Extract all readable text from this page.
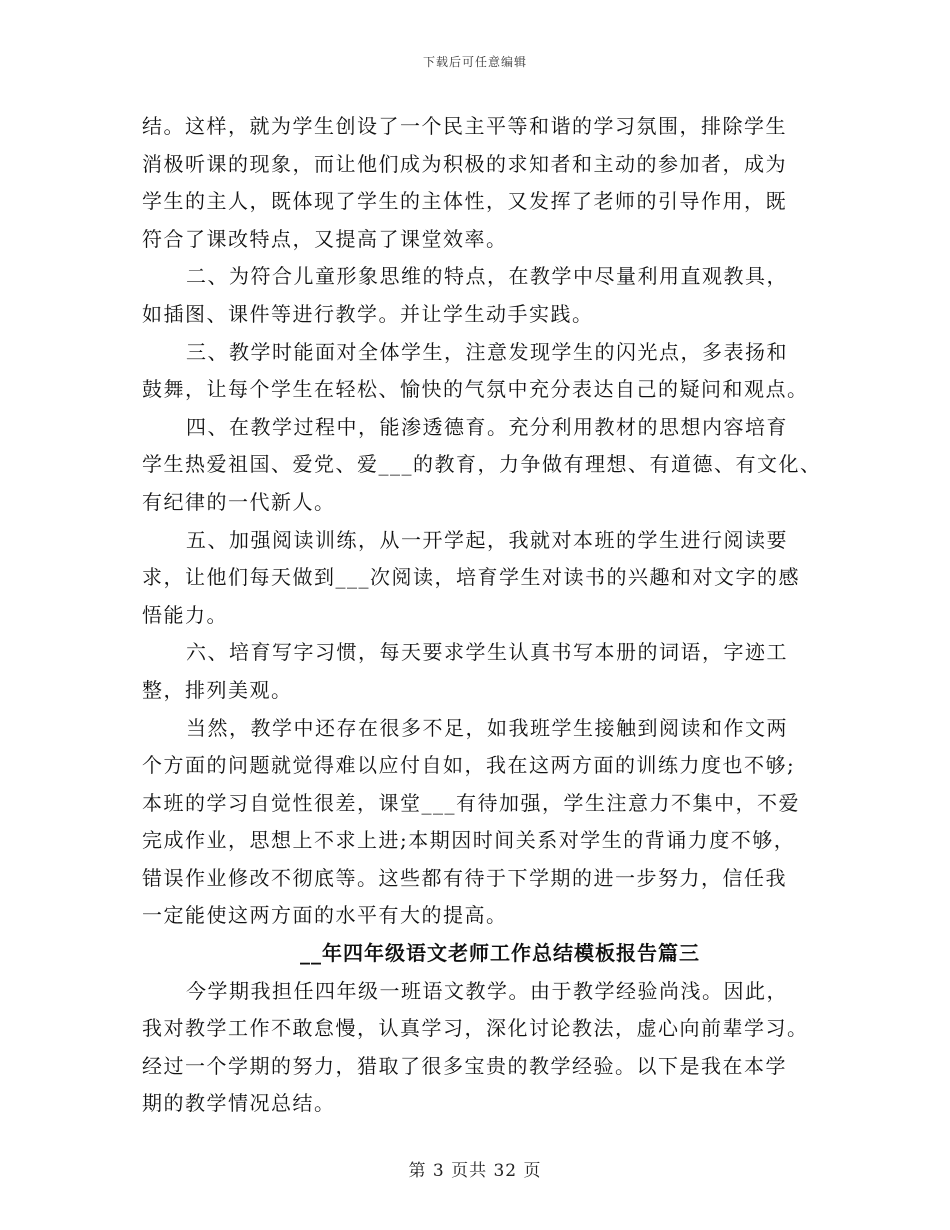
下载后可任意编辑
结。这样，就为学生创设了一个民主平等和谐的学习氛围，排除学生
消极听课的现象，而让他们成为积极的求知者和主动的参加者，成为
学生的主人，既体现了学生的主体性，又发挥了老师的引导作用，既
符合了课改特点，又提高了课堂效率。
二、为符合儿童形象思维的特点，在教学中尽量利用直观教具，
如插图、课件等进行教学。并让学生动手实践。
三、教学时能面对全体学生，注意发现学生的闪光点，多表扬和
鼓舞，让每个学生在轻松、愉快的气氛中充分表达自己的疑问和观点。
四、在教学过程中，能渗透德育。充分利用教材的思想内容培育
学生热爱祖国、爱党、爱___的教育，力争做有理想、有道德、有文化、
有纪律的一代新人。
五、加强阅读训练，从一开学起，我就对本班的学生进行阅读要
求，让他们每天做到___次阅读，培育学生对读书的兴趣和对文字的感
悟能力。
六、培育写字习惯，每天要求学生认真书写本册的词语，字迹工
整，排列美观。
当然，教学中还存在很多不足，如我班学生接触到阅读和作文两
个方面的问题就觉得难以应付自如，我在这两方面的训练力度也不够;
本班的学习自觉性很差，课堂___有待加强，学生注意力不集中，不爱
完成作业，思想上不求上进;本期因时间关系对学生的背诵力度不够，
错误作业修改不彻底等。这些都有待于下学期的进一步努力，信任我
一定能使这两方面的水平有大的提高。
__年四年级语文老师工作总结模板报告篇三
今学期我担任四年级一班语文教学。由于教学经验尚浅。因此，
我对教学工作不敢怠慢，认真学习，深化讨论教法，虚心向前辈学习。
经过一个学期的努力，猎取了很多宝贵的教学经验。以下是我在本学
期的教学情况总结。
第 3 页共 32 页
